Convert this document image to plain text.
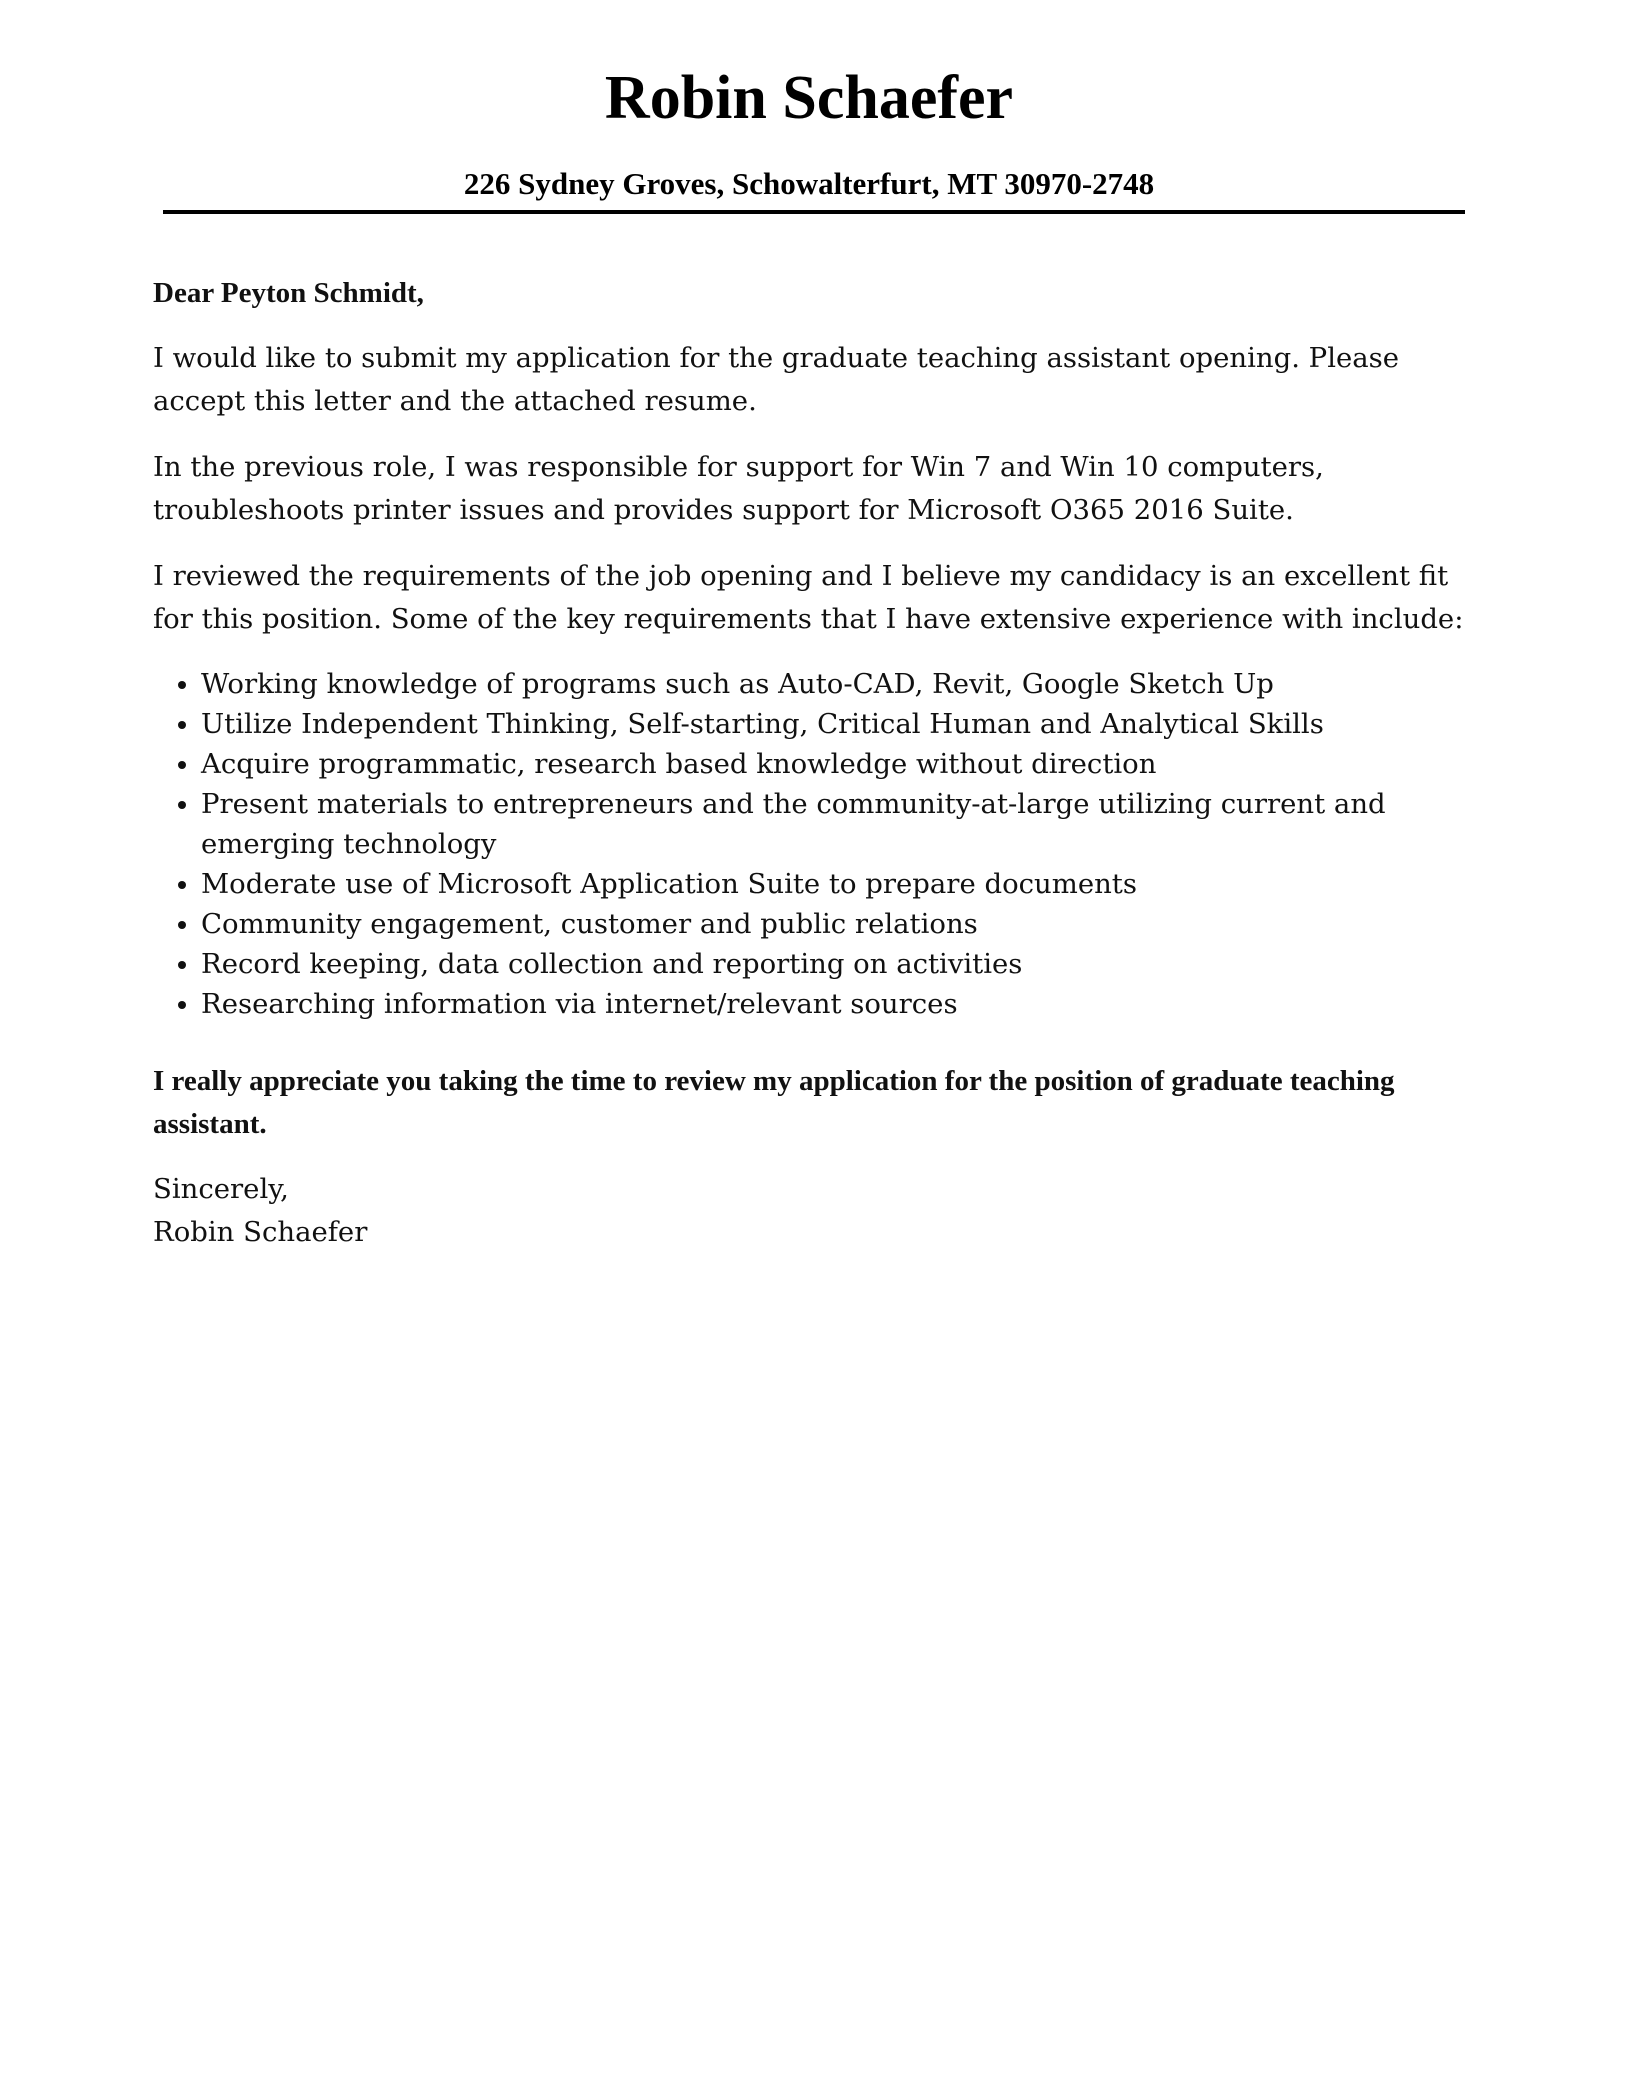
Robin Schaefer
226 Sydney Groves, Schowalterfurt, MT 30970-2748
Dear Peyton Schmidt,

I would like to submit my application for the graduate teaching assistant opening. Please accept this letter and the attached resume.

In the previous role, I was responsible for support for Win 7 and Win 10 computers, troubleshoots printer issues and provides support for Microsoft O365 2016 Suite.

I reviewed the requirements of the job opening and I believe my candidacy is an excellent fit for this position. Some of the key requirements that I have extensive experience with include:

• Working knowledge of programs such as Auto-CAD, Revit, Google Sketch Up
• Utilize Independent Thinking, Self-starting, Critical Human and Analytical Skills
• Acquire programmatic, research based knowledge without direction
• Present materials to entrepreneurs and the community-at-large utilizing current and emerging technology
• Moderate use of Microsoft Application Suite to prepare documents
• Community engagement, customer and public relations
• Record keeping, data collection and reporting on activities
• Researching information via internet/relevant sources
I really appreciate you taking the time to review my application for the position of graduate teaching assistant.
Sincerely,
Robin Schaefer
